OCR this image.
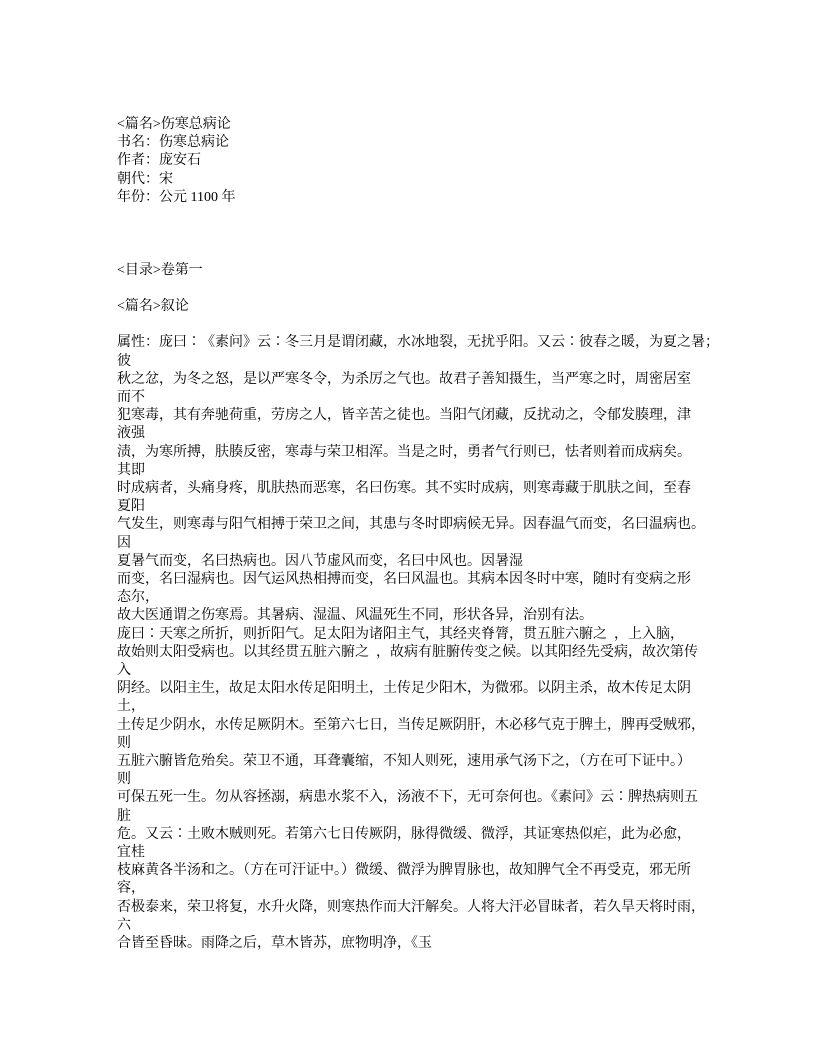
<篇名>伤寒总病论
书名：伤寒总病论
作者：庞安石
朝代：宋
年份：公元 1100 年
<目录>卷第一
<篇名>叙论
属性：庞曰∶《素问》云∶冬三月是谓闭藏，水冰地裂，无扰乎阳。又云∶彼春之暖，为夏之暑；
彼
秋之忿，为冬之怒，是以严寒冬令，为杀厉之气也。故君子善知摄生，当严寒之时，周密居室
而不
犯寒毒，其有奔驰荷重，劳房之人，皆辛苦之徒也。当阳气闭藏，反扰动之，令郁发腠理，津
液强
渍，为寒所搏，肤腠反密，寒毒与荣卫相浑。当是之时，勇者气行则已，怯者则着而成病矣。
其即
时成病者，头痛身疼，肌肤热而恶寒，名曰伤寒。其不实时成病，则寒毒藏于肌肤之间，至春
夏阳
气发生，则寒毒与阳气相搏于荣卫之间，其患与冬时即病候无异。因春温气而变，名曰温病也。
因
夏暑气而变，名曰热病也。因八节虚风而变，名曰中风也。因暑湿
而变，名曰湿病也。因气运风热相搏而变，名曰风温也。其病本因冬时中寒，随时有变病之形
态尔，
故大医通谓之伤寒焉。其暑病、湿温、风温死生不同，形状各异，治别有法。
庞曰∶天寒之所折，则折阳气。足太阳为诸阳主气，其经夹脊膂，贯五脏六腑之  ，上入脑，
故始则太阳受病也。以其经贯五脏六腑之  ，故病有脏腑传变之候。以其阳经先受病，故次第传
入
阴经。以阳主生，故足太阳水传足阳明土，土传足少阳木，为微邪。以阴主杀，故木传足太阴
土，
土传足少阴水，水传足厥阴木。至第六七日，当传足厥阴肝，木必移气克于脾土，脾再受贼邪，
则
五脏六腑皆危殆矣。荣卫不通，耳聋囊缩，不知人则死，速用承气汤下之，（方在可下证中。）
则
可保五死一生。勿从容拯溺，病患水浆不入，汤液不下，无可奈何也。《素问》云∶脾热病则五
脏
危。又云∶土败木贼则死。若第六七日传厥阴，脉得微缓、微浮，其证寒热似疟，此为必愈，
宜桂
枝麻黄各半汤和之。（方在可汗证中。）微缓、微浮为脾胃脉也，故知脾气全不再受克，邪无所
容，
否极泰来，荣卫将复，水升火降，则寒热作而大汗解矣。人将大汗必冒昧者，若久旱天将时雨，
六
合皆至昏昧。雨降之后，草木皆苏，庶物明净，《玉
